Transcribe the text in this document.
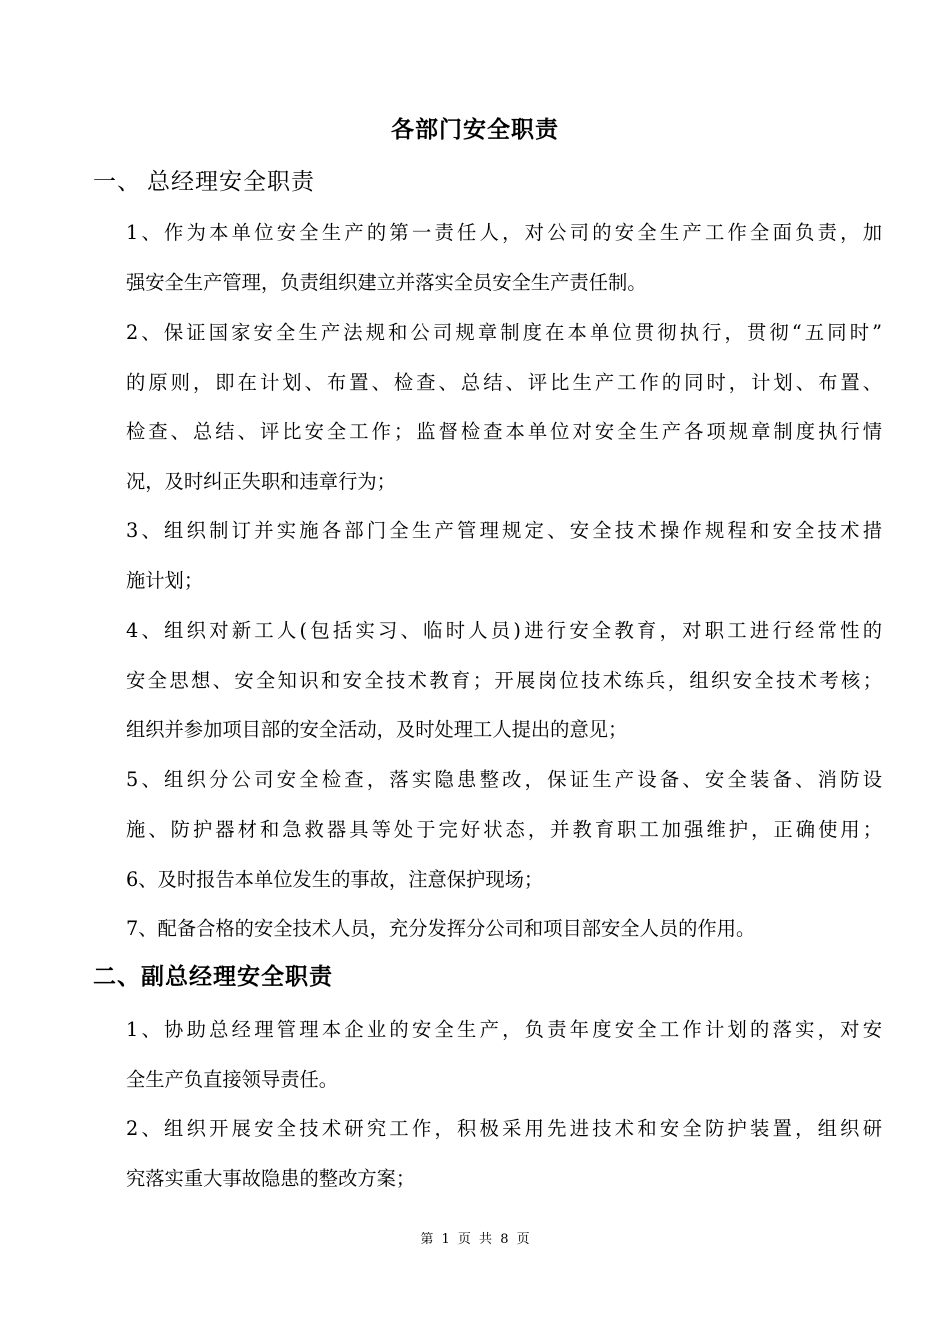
各部门安全职责
一、 总经理安全职责

1、作为本单位安全生产的第一责任人，对公司的安全生产工作全面负责，加
强安全生产管理，负责组织建立并落实全员安全生产责任制。

2、保证国家安全生产法规和公司规章制度在本单位贯彻执行，贯彻“五同时”
的原则，即在计划、布置、检查、总结、评比生产工作的同时，计划、布置、
检查、总结、评比安全工作；监督检查本单位对安全生产各项规章制度执行情
况，及时纠正失职和违章行为；

3、组织制订并实施各部门全生产管理规定、安全技术操作规程和安全技术措
施计划；

4、组织对新工人(包括实习、临时人员)进行安全教育，对职工进行经常性的
安全思想、安全知识和安全技术教育；开展岗位技术练兵，组织安全技术考核；
组织并参加项目部的安全活动，及时处理工人提出的意见；

5、组织分公司安全检查，落实隐患整改，保证生产设备、安全装备、消防设
施、防护器材和急救器具等处于完好状态，并教育职工加强维护，正确使用；

6、及时报告本单位发生的事故，注意保护现场；

7、配备合格的安全技术人员，充分发挥分公司和项目部安全人员的作用。

二、副总经理安全职责

1、协助总经理管理本企业的安全生产，负责年度安全工作计划的落实，对安
全生产负直接领导责任。

2、组织开展安全技术研究工作，积极采用先进技术和安全防护装置，组织研
究落实重大事故隐患的整改方案；

第 1 页 共 8 页
